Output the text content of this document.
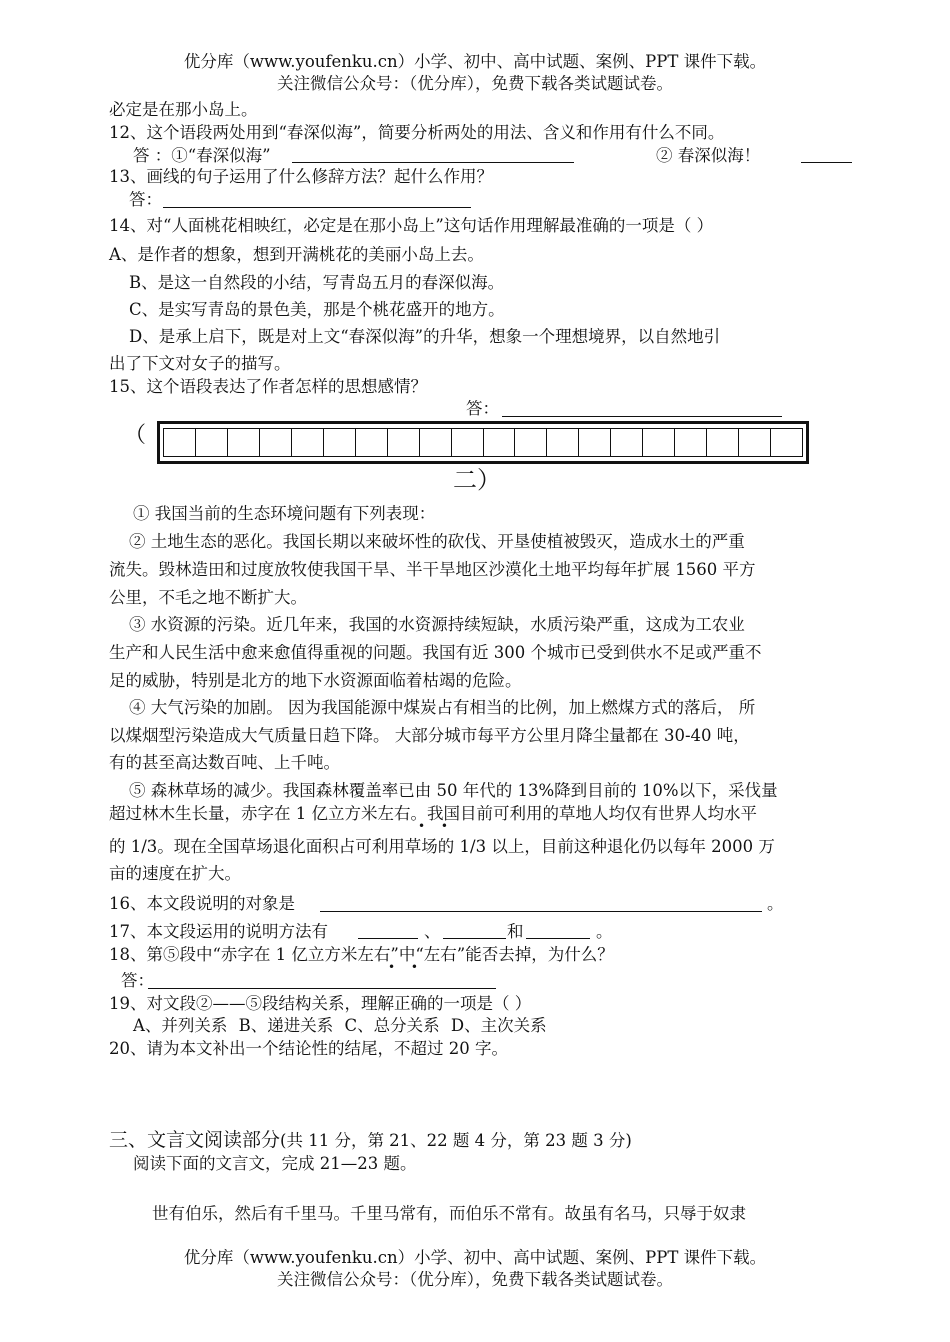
优分库（www.youfenku.cn）小学、初中、高中试题、案例、PPT 课件下载。
关注微信公众号：（优分库），免费下载各类试题试卷。
必定是在那小岛上。
12、这个语段两处用到“春深似海”，简要分析两处的用法、含义和作用有什么不同。
答 ：①“春深似海”	② 春深似海！
13、画线的句子运用了什么修辞方法？起什么作用？
答：
14、对“人面桃花相映红，必定是在那小岛上”这句话作用理解最准确的一项是（ ）
A、是作者的想象，想到开满桃花的美丽小岛上去。
B、是这一自然段的小结，写青岛五月的春深似海。
C、是实写青岛的景色美，那是个桃花盛开的地方。
D、是承上启下，既是对上文“春深似海”的升华，想象一个理想境界，以自然地引
出了下文对女子的描写。
15、这个语段表达了作者怎样的思想感情？
答：
（
二）
① 我国当前的生态环境问题有下列表现：
② 土地生态的恶化。我国长期以来破坏性的砍伐、开垦使植被毁灭，造成水土的严重
流失。毁林造田和过度放牧使我国干旱、半干旱地区沙漠化土地平均每年扩展 1560 平方
公里，不毛之地不断扩大。
③ 水资源的污染。近几年来，我国的水资源持续短缺，水质污染严重，这成为工农业
生产和人民生活中愈来愈值得重视的问题。我国有近 300 个城市已受到供水不足或严重不
足的威胁，特别是北方的地下水资源面临着枯竭的危险。
④ 大气污染的加剧。 因为我国能源中煤炭占有相当的比例，加上燃煤方式的落后， 所
以煤烟型污染造成大气质量日趋下降。 大部分城市每平方公里月降尘量都在 30-40 吨，
有的甚至高达数百吨、上千吨。
⑤ 森林草场的减少。我国森林覆盖率已由 50 年代的 13%降到目前的 10%以下，采伐量
超过林木生长量，赤字在 1 亿立方米左右。我国目前可利用的草地人均仅有世界人均水平
• •
的 1/3。现在全国草场退化面积占可利用草场的 1/3 以上，目前这种退化仍以每年 2000 万
亩的速度在扩大。
16、本文段说明的对象是	。
17、本文段运用的说明方法有	、	和	。
18、第⑤段中“赤字在 1 亿立方米左右”中“左右”能否去掉，为什么？
• •
答：
19、对文段②——⑤段结构关系，理解正确的一项是（ ）
A、并列关系 B、递进关系 C、总分关系 D、主次关系
20、请为本文补出一个结论性的结尾，不超过 20 字。
三、文言文阅读部分(共 11 分，第 21、22 题 4 分，第 23 题 3 分)
阅读下面的文言文，完成 21—23 题。
世有伯乐，然后有千里马。千里马常有，而伯乐不常有。故虽有名马，只辱于奴隶
优分库（www.youfenku.cn）小学、初中、高中试题、案例、PPT 课件下载。
关注微信公众号：（优分库），免费下载各类试题试卷。
